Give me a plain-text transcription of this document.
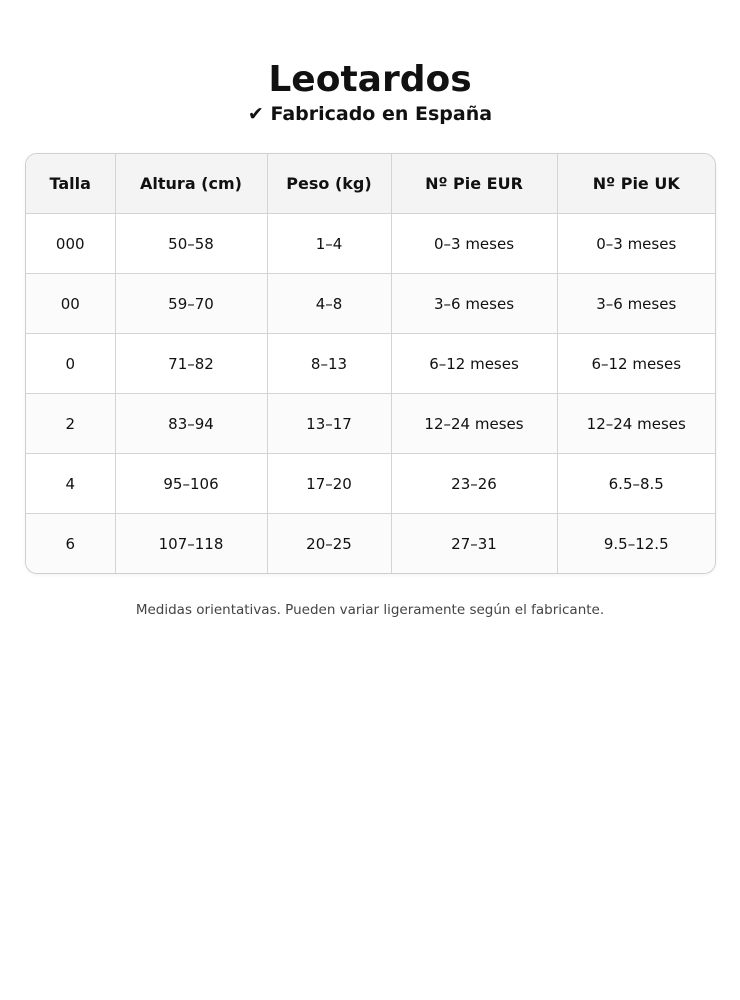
Leotardos

✔ Fabricado en España

Talla	Altura (cm)	Peso (kg)	Nº Pie EUR	Nº Pie UK
000	50–58	1–4	0–3 meses	0–3 meses
00	59–70	4–8	3–6 meses	3–6 meses
0	71–82	8–13	6–12 meses	6–12 meses
2	83–94	13–17	12–24 meses	12–24 meses
4	95–106	17–20	23–26	6.5–8.5
6	107–118	20–25	27–31	9.5–12.5
Medidas orientativas. Pueden variar ligeramente según el fabricante.
